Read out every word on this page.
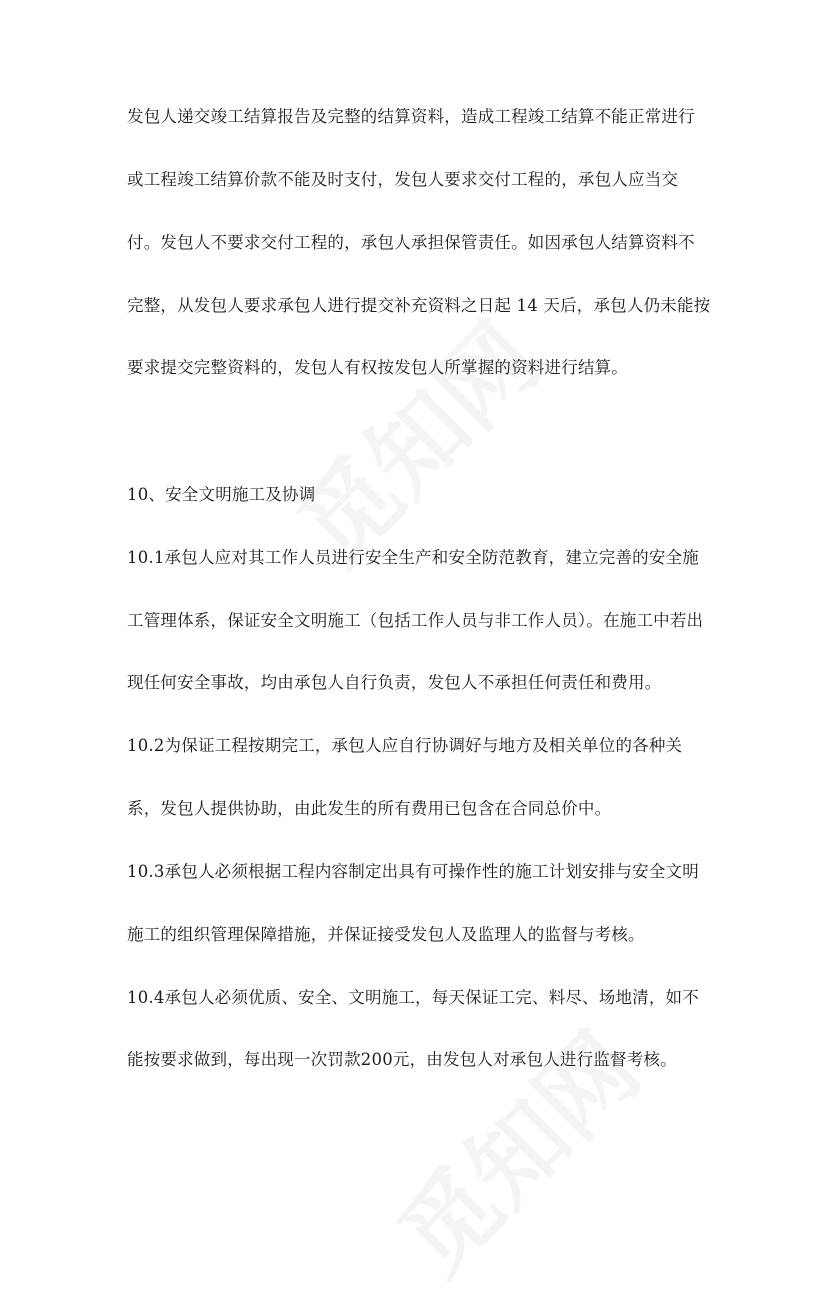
发包人递交竣工结算报告及完整的结算资料，造成工程竣工结算不能正常进行
或工程竣工结算价款不能及时支付，发包人要求交付工程的，承包人应当交
付。发包人不要求交付工程的，承包人承担保管责任。如因承包人结算资料不
完整，从发包人要求承包人进行提交补充资料之日起 14 天后，承包人仍未能按
要求提交完整资料的，发包人有权按发包人所掌握的资料进行结算。
10、安全文明施工及协调
10.1承包人应对其工作人员进行安全生产和安全防范教育，建立完善的安全施
工管理体系，保证安全文明施工（包括工作人员与非工作人员）。在施工中若出
现任何安全事故，均由承包人自行负责，发包人不承担任何责任和费用。
10.2为保证工程按期完工，承包人应自行协调好与地方及相关单位的各种关
系，发包人提供协助，由此发生的所有费用已包含在合同总价中。
10.3承包人必须根据工程内容制定出具有可操作性的施工计划安排与安全文明
施工的组织管理保障措施，并保证接受发包人及监理人的监督与考核。
10.4承包人必须优质、安全、文明施工，每天保证工完、料尽、场地清，如不
能按要求做到，每出现一次罚款200元，由发包人对承包人进行监督考核。
